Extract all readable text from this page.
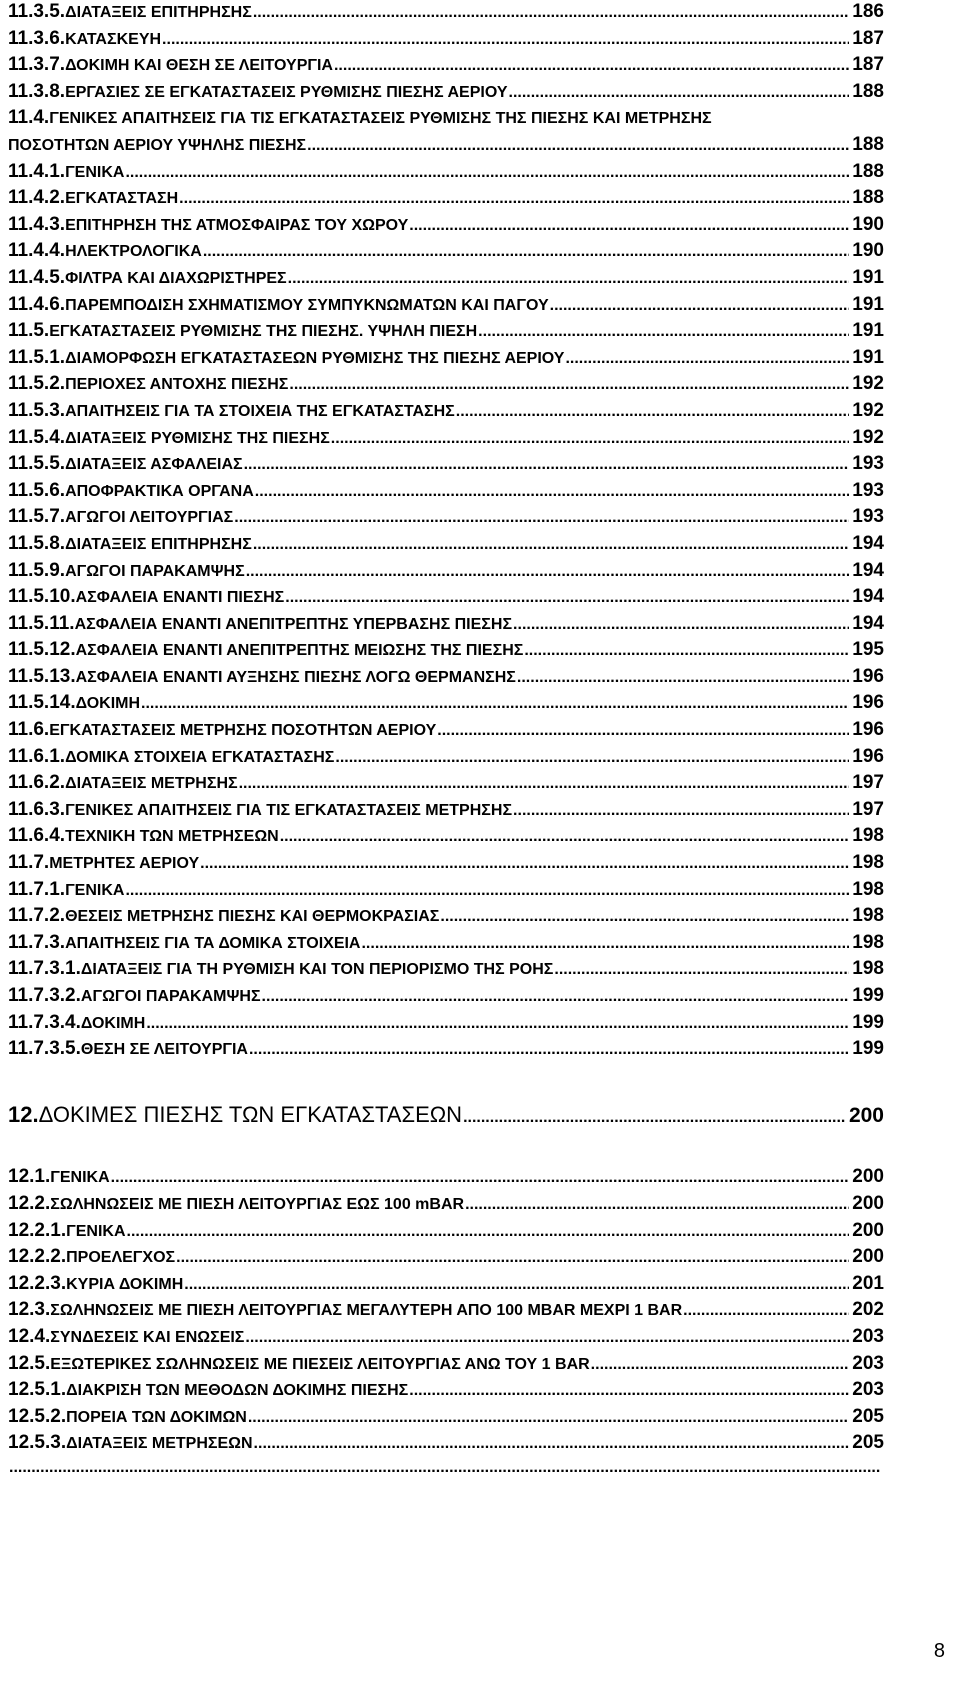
11.3.5. ΔΙΑΤΑΞΕΙΣ ΕΠΙΤΗΡΗΣΗΣ .....	186
11.3.6. ΚΑΤΑΣΚΕΥΗ .....	187
11.3.7. ΔΟΚΙΜΗ ΚΑΙ ΘΕΣΗ ΣΕ ΛΕΙΤΟΥΡΓΙΑ .....	187
11.3.8. ΕΡΓΑΣΙΕΣ ΣΕ ΕΓΚΑΤΑΣΤΑΣΕΙΣ ΡΥΘΜΙΣΗΣ ΠΙΕΣΗΣ ΑΕΡΙΟΥ .....	188
11.4. ΓΕΝΙΚΕΣ ΑΠΑΙΤΗΣΕΙΣ ΓΙΑ ΤΙΣ ΕΓΚΑΤΑΣΤΑΣΕΙΣ ΡΥΘΜΙΣΗΣ ΤΗΣ ΠΙΕΣΗΣ ΚΑΙ ΜΕΤΡΗΣΗΣ
ΠΟΣΟΤΗΤΩΝ ΑΕΡΙΟΥ ΥΨΗΛΗΣ ΠΙΕΣΗΣ .....	188
11.4.1. ΓΕΝΙΚΑ .....	188
11.4.2. ΕΓΚΑΤΑΣΤΑΣΗ .....	188
11.4.3. ΕΠΙΤΗΡΗΣΗ ΤΗΣ ΑΤΜΟΣΦΑΙΡΑΣ ΤΟΥ ΧΩΡΟΥ .....	190
11.4.4. ΗΛΕΚΤΡΟΛΟΓΙΚΑ .....	190
11.4.5. ΦΙΛΤΡΑ ΚΑΙ ΔΙΑΧΩΡΙΣΤΗΡΕΣ .....	191
11.4.6. ΠΑΡΕΜΠΟΔΙΣΗ ΣΧΗΜΑΤΙΣΜΟΥ ΣΥΜΠΥΚΝΩΜΑΤΩΝ ΚΑΙ ΠΑΓΟΥ .....	191
11.5. ΕΓΚΑΤΑΣΤΑΣΕΙΣ ΡΥΘΜΙΣΗΣ ΤΗΣ ΠΙΕΣΗΣ. ΥΨΗΛΗ ΠΙΕΣΗ .....	191
11.5.1. ΔΙΑΜΟΡΦΩΣΗ ΕΓΚΑΤΑΣΤΑΣΕΩΝ ΡΥΘΜΙΣΗΣ ΤΗΣ ΠΙΕΣΗΣ ΑΕΡΙΟΥ .....	191
11.5.2. ΠΕΡΙΟΧΕΣ ΑΝΤΟΧΗΣ ΠΙΕΣΗΣ .....	192
11.5.3. ΑΠΑΙΤΗΣΕΙΣ ΓΙΑ ΤΑ ΣΤΟΙΧΕΙΑ ΤΗΣ ΕΓΚΑΤΑΣΤΑΣΗΣ .....	192
11.5.4. ΔΙΑΤΑΞΕΙΣ ΡΥΘΜΙΣΗΣ ΤΗΣ ΠΙΕΣΗΣ .....	192
11.5.5. ΔΙΑΤΑΞΕΙΣ ΑΣΦΑΛΕΙΑΣ .....	193
11.5.6. ΑΠΟΦΡΑΚΤΙΚΑ ΟΡΓΑΝΑ .....	193
11.5.7. ΑΓΩΓΟΙ ΛΕΙΤΟΥΡΓΙΑΣ .....	193
11.5.8. ΔΙΑΤΑΞΕΙΣ ΕΠΙΤΗΡΗΣΗΣ .....	194
11.5.9. ΑΓΩΓΟΙ ΠΑΡΑΚΑΜΨΗΣ .....	194
11.5.10. ΑΣΦΑΛΕΙΑ ΕΝΑΝΤΙ ΠΙΕΣΗΣ .....	194
11.5.11. ΑΣΦΑΛΕΙΑ ΕΝΑΝΤΙ ΑΝΕΠΙΤΡΕΠΤΗΣ ΥΠΕΡΒΑΣΗΣ ΠΙΕΣΗΣ .....	194
11.5.12. ΑΣΦΑΛΕΙΑ ΕΝΑΝΤΙ ΑΝΕΠΙΤΡΕΠΤΗΣ ΜΕΙΩΣΗΣ ΤΗΣ ΠΙΕΣΗΣ .....	195
11.5.13. ΑΣΦΑΛΕΙΑ ΕΝΑΝΤΙ ΑΥΞΗΣΗΣ ΠΙΕΣΗΣ ΛΟΓΩ ΘΕΡΜΑΝΣΗΣ .....	196
11.5.14. ΔΟΚΙΜΗ .....	196
11.6. ΕΓΚΑΤΑΣΤΑΣΕΙΣ ΜΕΤΡΗΣΗΣ ΠΟΣΟΤΗΤΩΝ ΑΕΡΙΟΥ .....	196
11.6.1. ΔΟΜΙΚΑ ΣΤΟΙΧΕΙΑ ΕΓΚΑΤΑΣΤΑΣΗΣ .....	196
11.6.2. ΔΙΑΤΑΞΕΙΣ ΜΕΤΡΗΣΗΣ .....	197
11.6.3. ΓΕΝΙΚΕΣ ΑΠΑΙΤΗΣΕΙΣ ΓΙΑ ΤΙΣ ΕΓΚΑΤΑΣΤΑΣΕΙΣ ΜΕΤΡΗΣΗΣ .....	197
11.6.4. ΤΕΧΝΙΚΗ ΤΩΝ ΜΕΤΡΗΣΕΩΝ .....	198
11.7. ΜΕΤΡΗΤΕΣ ΑΕΡΙΟΥ .....	198
11.7.1. ΓΕΝΙΚΑ .....	198
11.7.2. ΘΕΣΕΙΣ ΜΕΤΡΗΣΗΣ ΠΙΕΣΗΣ ΚΑΙ ΘΕΡΜΟΚΡΑΣΙΑΣ .....	198
11.7.3. ΑΠΑΙΤΗΣΕΙΣ ΓΙΑ ΤΑ ΔΟΜΙΚΑ ΣΤΟΙΧΕΙΑ .....	198
11.7.3.1. ΔΙΑΤΑΞΕΙΣ ΓΙΑ ΤΗ ΡΥΘΜΙΣΗ ΚΑΙ ΤΟΝ ΠΕΡΙΟΡΙΣΜΟ ΤΗΣ ΡΟΗΣ .....	198
11.7.3.2. ΑΓΩΓΟΙ ΠΑΡΑΚΑΜΨΗΣ .....	199
11.7.3.4. ΔΟΚΙΜΗ .....	199
11.7.3.5. ΘΕΣΗ ΣΕ ΛΕΙΤΟΥΡΓΙΑ .....	199
12. ΔΟΚΙΜΕΣ ΠΙΕΣΗΣ ΤΩΝ ΕΓΚΑΤΑΣΤΑΣΕΩΝ .....	200
12.1. ΓΕΝΙΚΑ .....	200
12.2. ΣΩΛΗΝΩΣΕΙΣ ΜΕ ΠΙΕΣΗ ΛΕΙΤΟΥΡΓΙΑΣ ΕΩΣ 100 mBAR .....	200
12.2.1. ΓΕΝΙΚΑ .....	200
12.2.2. ΠΡΟΕΛΕΓΧΟΣ .....	200
12.2.3. ΚΥΡΙΑ ΔΟΚΙΜΗ .....	201
12.3. ΣΩΛΗΝΩΣΕΙΣ ΜΕ ΠΙΕΣΗ ΛΕΙΤΟΥΡΓΙΑΣ ΜΕΓΑΛΥΤΕΡΗ ΑΠΟ 100 MBAR ΜΕΧΡΙ 1 BAR .....	202
12.4. ΣΥΝΔΕΣΕΙΣ ΚΑΙ ΕΝΩΣΕΙΣ .....	203
12.5. ΕΞΩΤΕΡΙΚΕΣ ΣΩΛΗΝΩΣΕΙΣ ΜΕ ΠΙΕΣΕΙΣ ΛΕΙΤΟΥΡΓΙΑΣ ΑΝΩ ΤΟΥ 1 BAR .....	203
12.5.1. ΔΙΑΚΡΙΣΗ ΤΩΝ ΜΕΘΟΔΩΝ ΔΟΚΙΜΗΣ ΠΙΕΣΗΣ .....	203
12.5.2. ΠΟΡΕΙΑ ΤΩΝ ΔΟΚΙΜΩΝ .....	205
12.5.3. ΔΙΑΤΑΞΕΙΣ ΜΕΤΡΗΣΕΩΝ .....	205
.....
8
